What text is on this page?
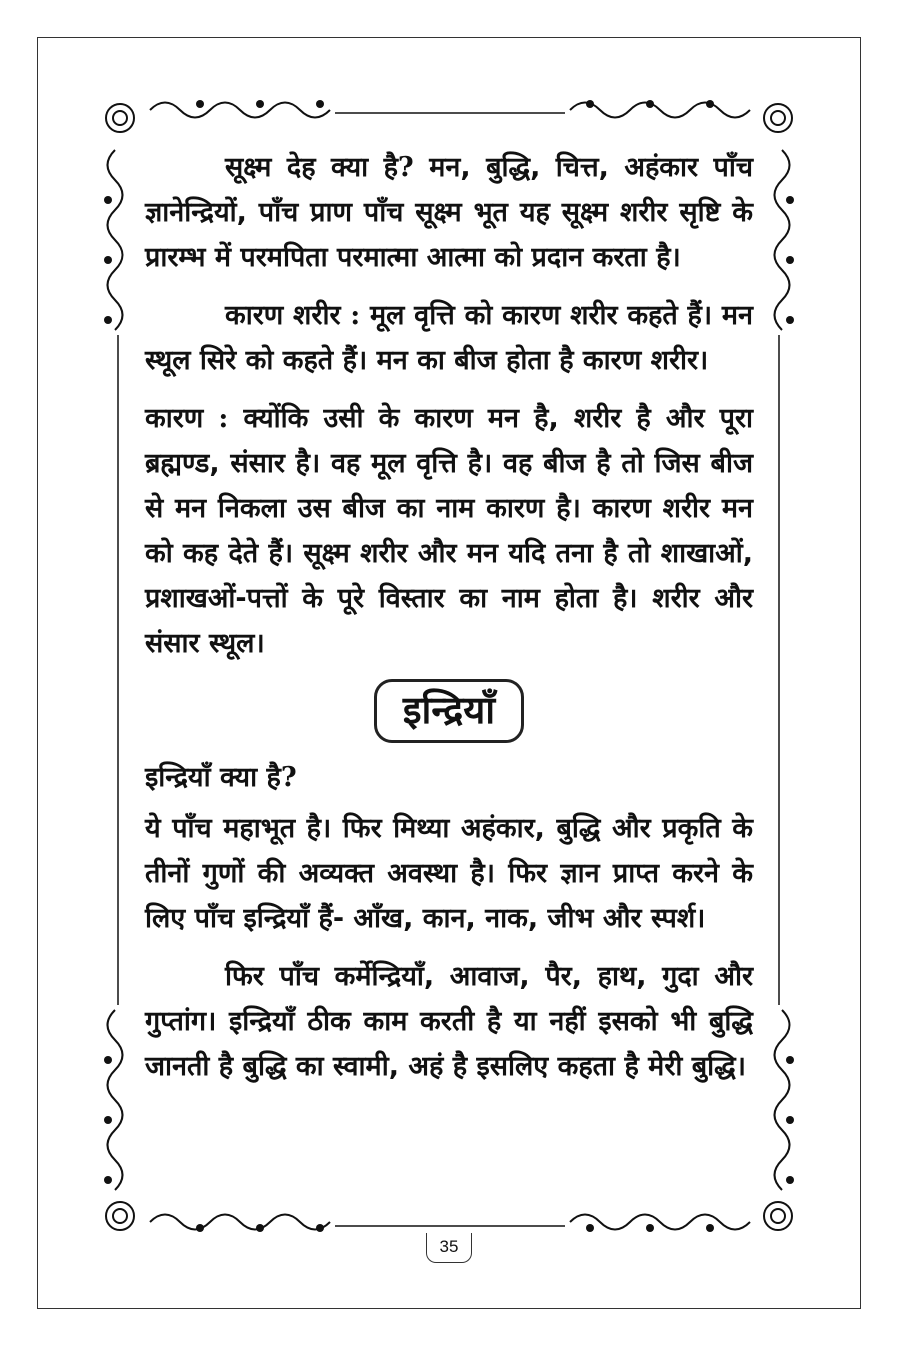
सूक्ष्म देह क्या है? मन, बुद्धि, चित्त, अहंकार पाँच ज्ञानेन्द्रियों, पाँच प्राण पाँच सूक्ष्म भूत यह सूक्ष्म शरीर सृष्टि के प्रारम्भ में परमपिता परमात्मा आत्मा को प्रदान करता है।

कारण शरीर : मूल वृत्ति को कारण शरीर कहते हैं। मन स्थूल सिरे को कहते हैं। मन का बीज होता है कारण शरीर।

कारण : क्योंकि उसी के कारण मन है, शरीर है और पूरा ब्रह्मण्ड, संसार है। वह मूल वृत्ति है। वह बीज है तो जिस बीज से मन निकला उस बीज का नाम कारण है। कारण शरीर मन को कह देते हैं। सूक्ष्म शरीर और मन यदि तना है तो शाखाओं, प्रशाखओं-पत्तों के पूरे विस्तार का नाम होता है। शरीर और संसार स्थूल।

इन्द्रियाँ

इन्द्रियाँ क्या है?

ये पाँच महाभूत है। फिर मिथ्या अहंकार, बुद्धि और प्रकृति के तीनों गुणों की अव्यक्त अवस्था है। फिर ज्ञान प्राप्त करने के लिए पाँच इन्द्रियाँ हैं- आँख, कान, नाक, जीभ और स्पर्श।

फिर पाँच कर्मेन्द्रियाँ, आवाज, पैर, हाथ, गुदा और गुप्तांग। इन्द्रियाँ ठीक काम करती है या नहीं इसको भी बुद्धि जानती है बुद्धि का स्वामी, अहं है इसलिए कहता है मेरी बुद्धि।

35
